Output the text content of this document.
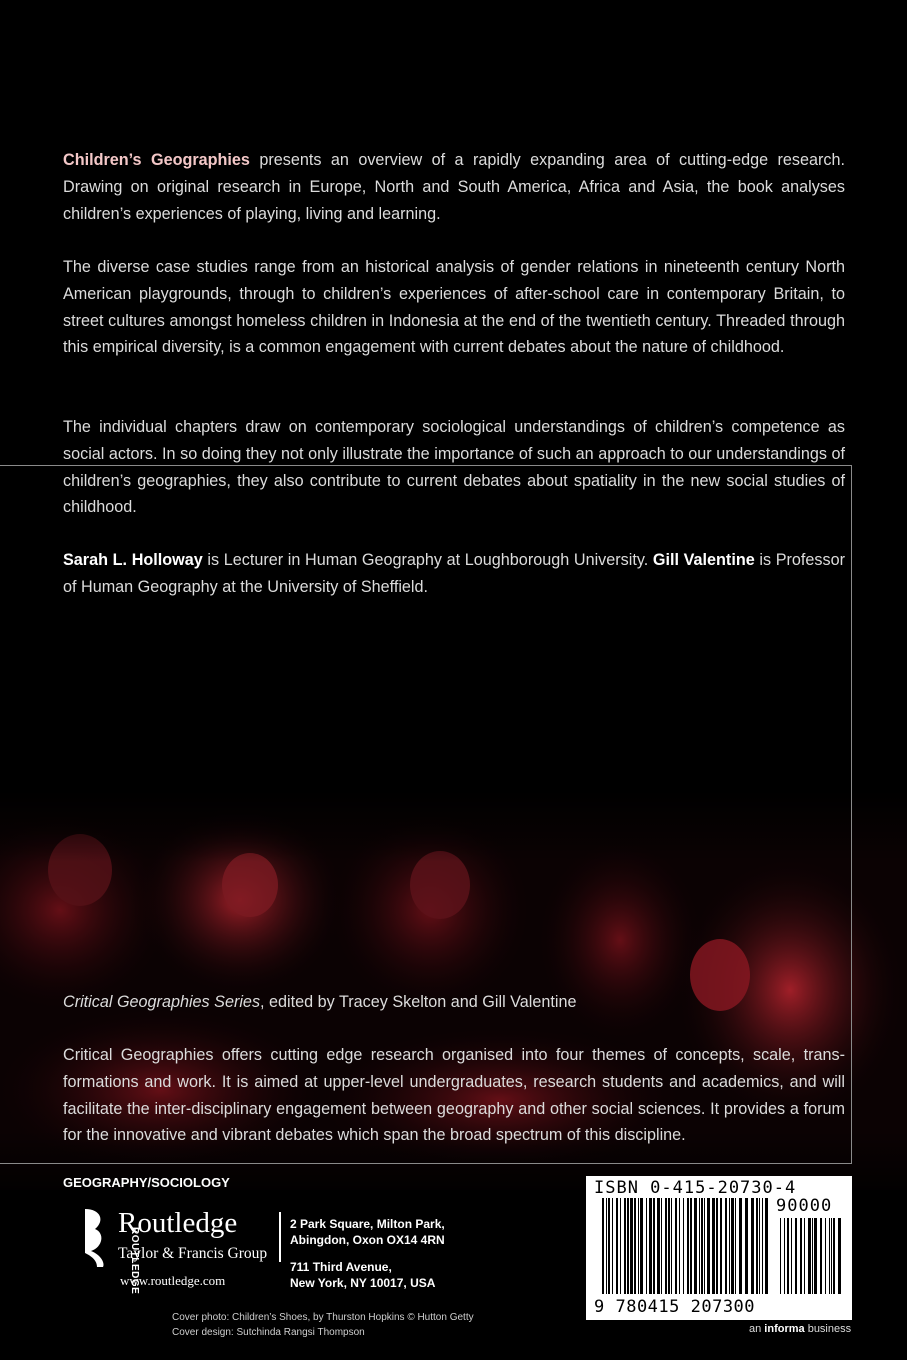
Children’s Geographies presents an overview of a rapidly expanding area of cutting-edge research. Drawing on original research in Europe, North and South America, Africa and Asia, the book analyses children’s experiences of playing, living and learning.
The diverse case studies range from an historical analysis of gender relations in nineteenth century North American playgrounds, through to children’s experiences of after-school care in contemporary Britain, to street cultures amongst homeless children in Indonesia at the end of the twentieth century. Threaded through this empirical diversity, is a common engagement with current debates about the nature of childhood.
The individual chapters draw on contemporary sociological understandings of children’s competence as social actors. In so doing they not only illustrate the importance of such an approach to our understandings of children’s geographies, they also contribute to current debates about spatiality in the new social studies of childhood.
Sarah L. Holloway is Lecturer in Human Geography at Loughborough University. Gill Valentine is Professor of Human Geography at the University of Sheffield.
Critical Geographies Series, edited by Tracey Skelton and Gill Valentine
Critical Geographies offers cutting edge research organised into four themes of concepts, scale, trans-formations and work. It is aimed at upper-level undergraduates, research students and academics, and will facilitate the inter-disciplinary engagement between geography and other social sciences. It provides a forum for the innovative and vibrant debates which span the broad spectrum of this discipline.
GEOGRAPHY/SOCIOLOGY
ROUTLEDGE
Routledge
Taylor & Francis Group
www.routledge.com
2 Park Square, Milton Park,
Abingdon, Oxon OX14 4RN
711 Third Avenue,
New York, NY 10017, USA
Cover photo: Children’s Shoes, by Thurston Hopkins © Hutton Getty
Cover design: Sutchinda Rangsi Thompson
ISBN 0-415-20730-4
90000
9 780415 207300
an informa business
